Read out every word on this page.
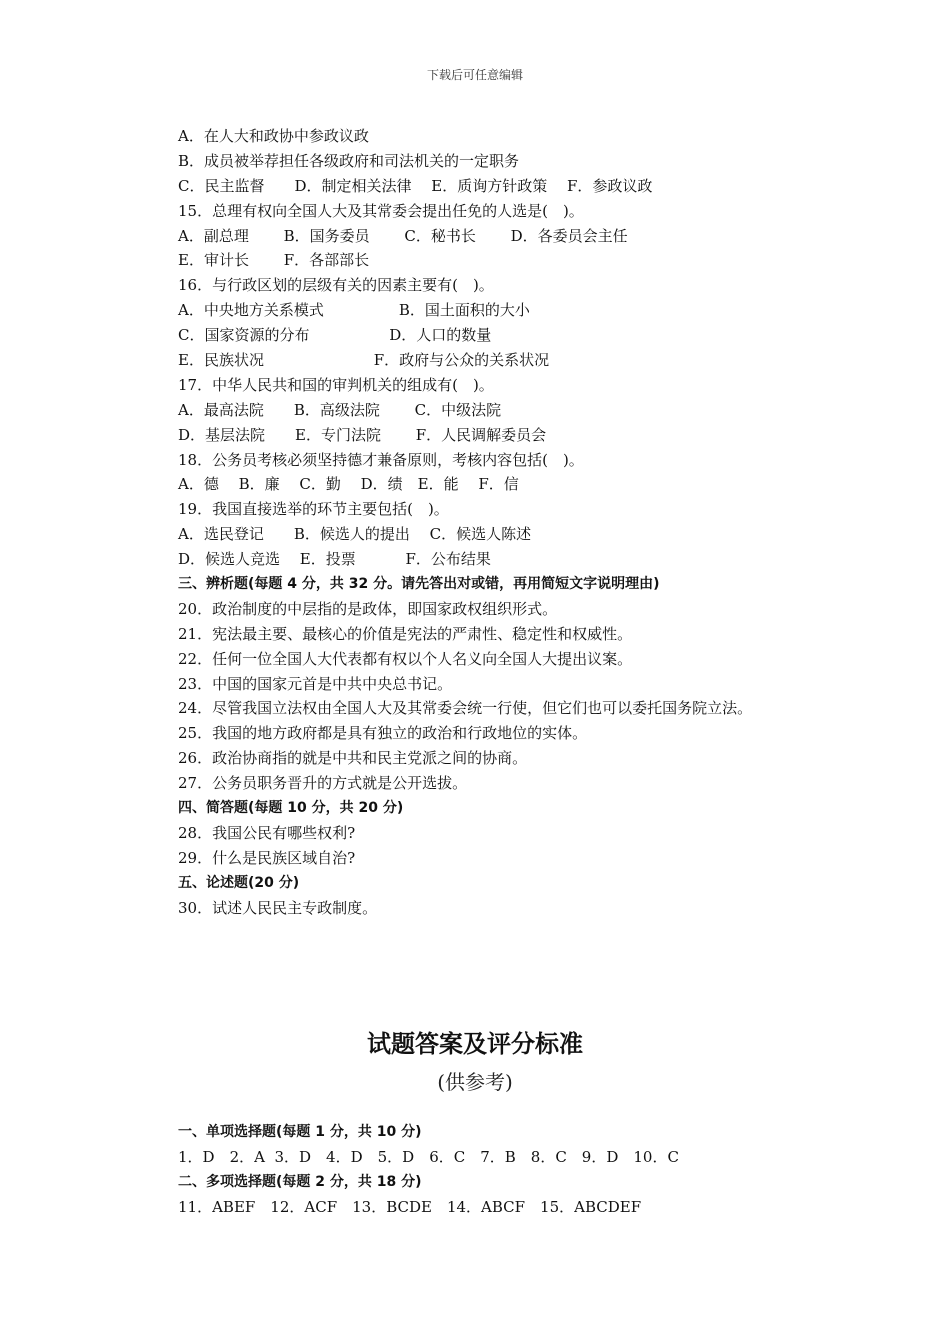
下载后可任意编辑
A．在人大和政协中参政议政
B．成员被举荐担任各级政府和司法机关的一定职务
C．民主监督　　D．制定相关法律　 E．质询方针政策　 F．参政议政
15．总理有权向全国人大及其常委会提出任免的人选是(　)。
A．副总理　　 B．国务委员　　 C．秘书长　　 D．各委员会主任
E．审计长　　 F．各部部长
16．与行政区划的层级有关的因素主要有(　)。
A．中央地方关系模式　　　　　B．国土面积的大小
C．国家资源的分布　　　　　 D．人口的数量
E．民族状况　　　　　　　 F．政府与公众的关系状况
17．中华人民共和国的审判机关的组成有(　)。
A．最高法院　　B．高级法院　　 C．中级法院
D．基层法院　　E．专门法院　　 F．人民调解委员会
18．公务员考核必须坚持德才兼备原则，考核内容包括(　)。
A．德　 B．廉　 C．勤　 D．绩　E．能　 F．信
19．我国直接选举的环节主要包括(　)。
A．选民登记　　B．候选人的提出　 C．候选人陈述
D．候选人竞选　 E．投票　　　 F．公布结果
三、辨析题(每题 4 分，共 32 分。请先答出对或错，再用简短文字说明理由)
20．政治制度的中层指的是政体，即国家政权组织形式。
21．宪法最主要、最核心的价值是宪法的严肃性、稳定性和权威性。
22．任何一位全国人大代表都有权以个人名义向全国人大提出议案。
23．中国的国家元首是中共中央总书记。
24．尽管我国立法权由全国人大及其常委会统一行使，但它们也可以委托国务院立法。
25．我国的地方政府都是具有独立的政治和行政地位的实体。
26．政治协商指的就是中共和民主党派之间的协商。
27．公务员职务晋升的方式就是公开选拔。
四、简答题(每题 10 分，共 20 分)
28．我国公民有哪些权利?
29．什么是民族区域自治?
五、论述题(20 分)
30．试述人民民主专政制度。
试题答案及评分标准
(供参考)
一、单项选择题(每题 1 分，共 10 分)
1．D　2．A  3．D　4．D　5．D　6．C　7．B　8．C　9．D　10．C
二、多项选择题(每题 2 分，共 18 分)
11．ABEF　12．ACF　13．BCDE　14．ABCF　15．ABCDEF
